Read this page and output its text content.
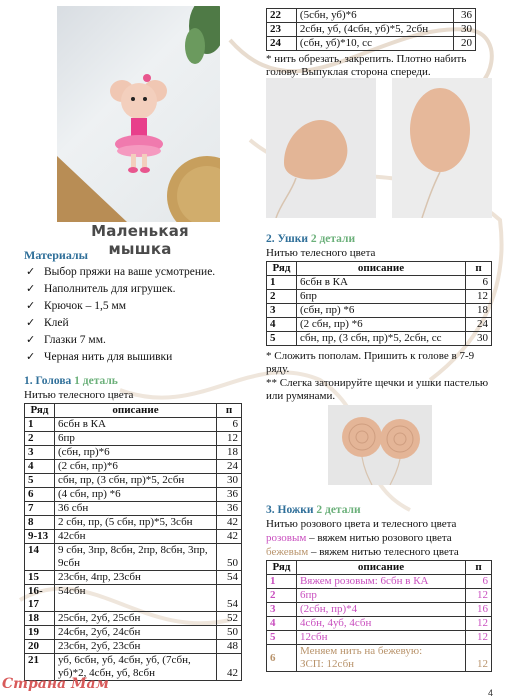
Маленькая мышка
Материалы
✓ Выбор пряжи на ваше усмотрение.
✓ Наполнитель для игрушек.
✓ Крючок – 1,5 мм
✓ Клей
✓ Глазки 7 мм.
✓ Черная нить для вышивки
1. Голова 1 деталь
Нитью телесного цвета
Ряд	описание	п
1	6сбн в КА	6
2	6пр	12
3	(сбн, пр)*6	18
4	(2 сбн, пр)*6	24
5	сбн, пр, (3 сбн, пр)*5, 2сбн	30
6	(4 сбн, пр) *6	36
7	36 сбн	36
8	2 сбн, пр, (5 сбн, пр)*5, 3сбн	42
9-13	42сбн	42
14	9 сбн, 3пр, 8сбн, 2пр, 8сбн, 3пр, 9сбн	50
15	23сбн, 4пр, 23сбн	54
16-17	54сбн	54
18	25сбн, 2уб, 25сбн	52
19	24сбн, 2уб, 24сбн	50
20	23сбн, 2уб, 23сбн	48
21	уб, 6сбн, уб, 4сбн, уб, (7сбн, уб)*2, 4сбн, уб, 8сбн	42
22	(5сбн, уб)*6	36
23	2сбн, уб, (4сбн, уб)*5, 2сбн	30
24	(сбн, уб)*10, сс	20
* нить обрезать, закрепить. Плотно набить голову. Выпуклая сторона спереди.
2. Ушки 2 детали
Нитью телесного цвета
Ряд	описание	п
1	6сбн в КА	6
2	6пр	12
3	(сбн, пр) *6	18
4	(2 сбн, пр) *6	24
5	сбн, пр, (3 сбн, пр)*5, 2сбн, сс	30
* Сложить пополам. Пришить к голове в 7-9 ряду.
** Слегка затонируйте щечки и ушки пастелью или румянами.
3. Ножки 2 детали
Нитью розового цвета и телесного цвета
розовым – вяжем нитью розового цвета
бежевым – вяжем нитью телесного цвета
Ряд	описание	п
1	Вяжем розовым: 6сбн в КА	6
2	6пр	12
3	(2сбн, пр)*4	16
4	4сбн, 4уб, 4сбн	12
5	12сбн	12
6	Меняем нить на бежевую:
ЗСП: 12сбн	12
Страна Мам
4
